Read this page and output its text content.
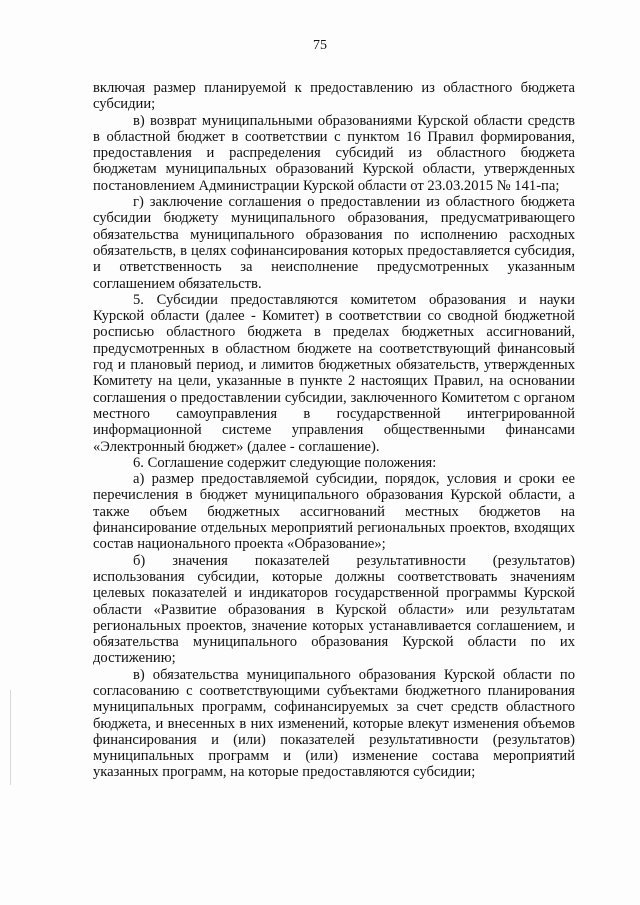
75

включая размер планируемой к предоставлению из областного бюджета субсидии;

в) возврат муниципальными образованиями Курской области средств в областной бюджет в соответствии с пунктом 16 Правил формирования, предоставления и распределения субсидий из областного бюджета бюджетам муниципальных образований Курской области, утвержденных постановлением Администрации Курской области от 23.03.2015 № 141-па;

г) заключение соглашения о предоставлении из областного бюджета субсидии бюджету муниципального образования, предусматривающего обязательства муниципального образования по исполнению расходных обязательств, в целях софинансирования которых предоставляется субсидия, и ответственность за неисполнение предусмотренных указанным соглашением обязательств.

5. Субсидии предоставляются комитетом образования и науки Курской области (далее - Комитет) в соответствии со сводной бюджетной росписью областного бюджета в пределах бюджетных ассигнований, предусмотренных в областном бюджете на соответствующий финансовый год и плановый период, и лимитов бюджетных обязательств, утвержденных Комитету на цели, указанные в пункте 2 настоящих Правил, на основании соглашения о предоставлении субсидии, заключенного Комитетом с органом местного самоуправления в государственной интегрированной информационной системе управления общественными финансами «Электронный бюджет» (далее - соглашение).

6. Соглашение содержит следующие положения:

а) размер предоставляемой субсидии, порядок, условия и сроки ее перечисления в бюджет муниципального образования Курской области, а также объем бюджетных ассигнований местных бюджетов на финансирование отдельных мероприятий региональных проектов, входящих состав национального проекта «Образование»;

б) значения показателей результативности (результатов) использования субсидии, которые должны соответствовать значениям целевых показателей и индикаторов государственной программы Курской области «Развитие образования в Курской области» или результатам региональных проектов, значение которых устанавливается соглашением, и обязательства муниципального образования Курской области по их достижению;

в) обязательства муниципального образования Курской области по согласованию с соответствующими субъектами бюджетного планирования муниципальных программ, софинансируемых за счет средств областного бюджета, и внесенных в них изменений, которые влекут изменения объемов финансирования и (или) показателей результативности (результатов) муниципальных программ и (или) изменение состава мероприятий указанных программ, на которые предоставляются субсидии;
